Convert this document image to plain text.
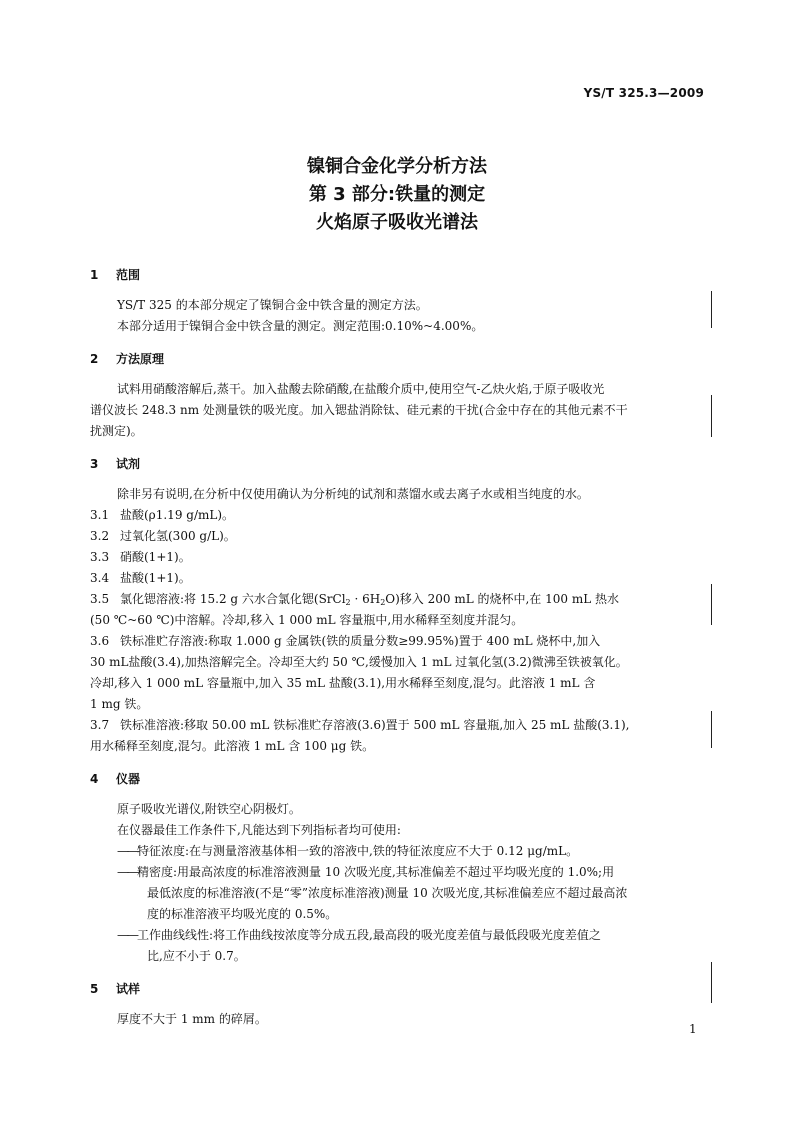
YS/T 325.3—2009
镍铜合金化学分析方法
第 3 部分:铁量的测定
火焰原子吸收光谱法
1 范围
YS/T 325 的本部分规定了镍铜合金中铁含量的测定方法。
本部分适用于镍铜合金中铁含量的测定。测定范围:0.10%~4.00%。
2 方法原理
试料用硝酸溶解后,蒸干。加入盐酸去除硝酸,在盐酸介质中,使用空气-乙炔火焰,于原子吸收光
谱仪波长 248.3 nm 处测量铁的吸光度。加入锶盐消除钛、硅元素的干扰(合金中存在的其他元素不干
扰测定)。
3 试剂
除非另有说明,在分析中仅使用确认为分析纯的试剂和蒸馏水或去离子水或相当纯度的水。
3.1 盐酸(ρ1.19 g/mL)。
3.2 过氧化氢(300 g/L)。
3.3 硝酸(1+1)。
3.4 盐酸(1+1)。
3.5 氯化锶溶液:将 15.2 g 六水合氯化锶(SrCl$_2$ · $6H_2O$)移入 200 mL 的烧杯中,在 100 mL 热水
(50 ℃~60 ℃)中溶解。冷却,移入 1 000 mL 容量瓶中,用水稀释至刻度并混匀。
3.6 铁标准贮存溶液:称取 1.000 g 金属铁(铁的质量分数≥99.95%)置于 400 mL 烧杯中,加入
30 mL盐酸(3.4),加热溶解完全。冷却至大约 50 ℃,缓慢加入 1 mL 过氧化氢(3.2)微沸至铁被氧化。
冷却,移入 1 000 mL 容量瓶中,加入 35 mL 盐酸(3.1),用水稀释至刻度,混匀。此溶液 1 mL 含
1 mg 铁。
3.7 铁标准溶液:移取 50.00 mL 铁标准贮存溶液(3.6)置于 500 mL 容量瓶,加入 25 mL 盐酸(3.1),
用水稀释至刻度,混匀。此溶液 1 mL 含 100 μg 铁。
4 仪器
原子吸收光谱仪,附铁空心阴极灯。
在仪器最佳工作条件下,凡能达到下列指标者均可使用:
——特征浓度:在与测量溶液基体相一致的溶液中,铁的特征浓度应不大于 0.12 μg/mL。
——精密度:用最高浓度的标准溶液测量 10 次吸光度,其标准偏差不超过平均吸光度的 1.0%;用
最低浓度的标准溶液(不是“零”浓度标准溶液)测量 10 次吸光度,其标准偏差应不超过最高浓
度的标准溶液平均吸光度的 0.5%。
——工作曲线线性:将工作曲线按浓度等分成五段,最高段的吸光度差值与最低段吸光度差值之
比,应不小于 0.7。
5 试样
厚度不大于 1 mm 的碎屑。
1
